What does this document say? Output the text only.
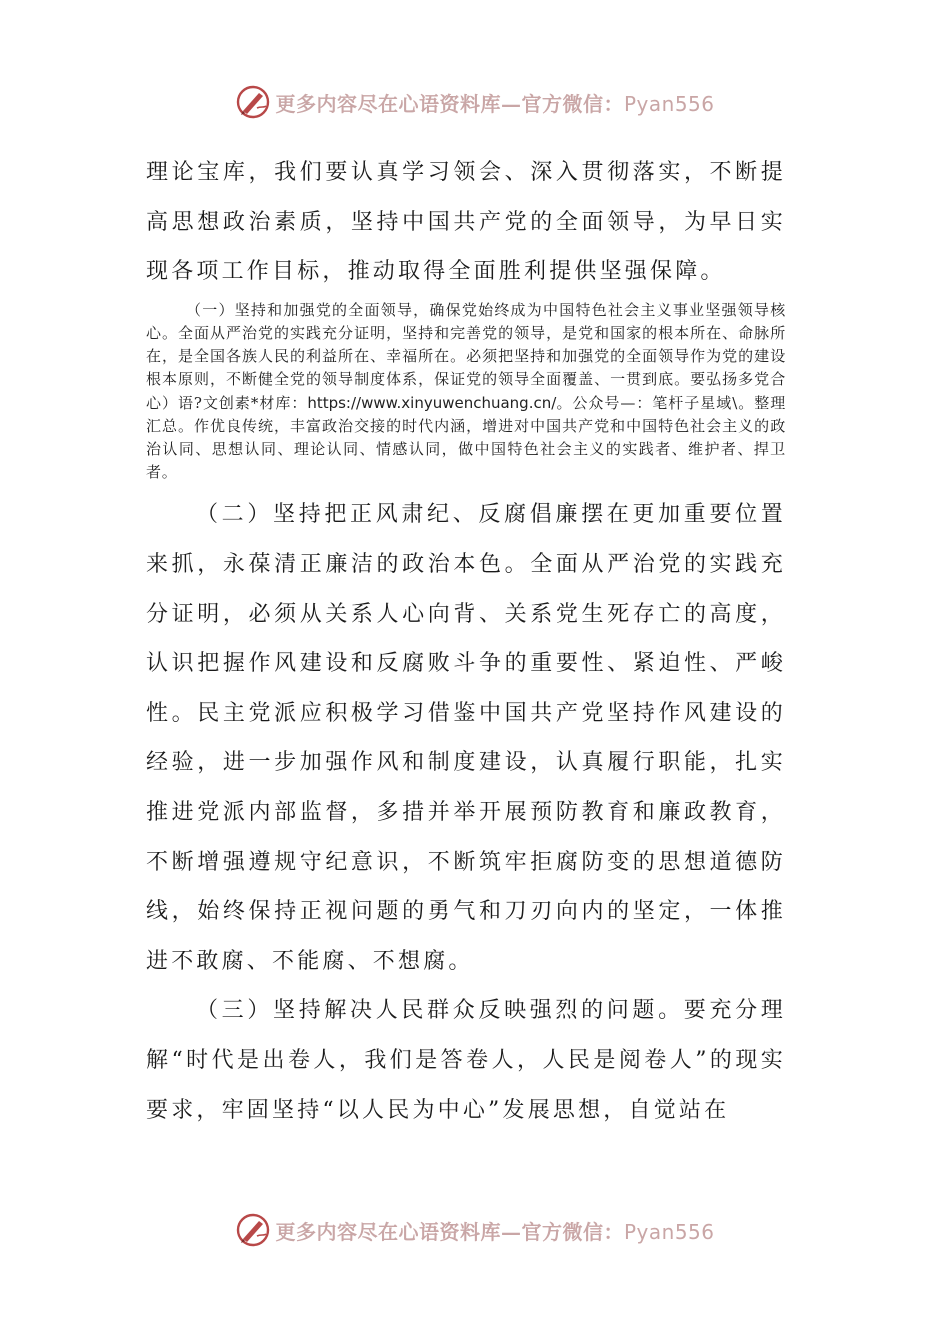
更多内容尽在心语资料库—官方微信：Pyan556

理论宝库，我们要认真学习领会、深入贯彻落实，不断提高思想政治素质，坚持中国共产党的全面领导，为早日实现各项工作目标，推动取得全面胜利提供坚强保障。

（一）坚持和加强党的全面领导，确保党始终成为中国特色社会主义事业坚强领导核心。全面从严治党的实践充分证明，坚持和完善党的领导，是党和国家的根本所在、命脉所在，是全国各族人民的利益所在、幸福所在。必须把坚持和加强党的全面领导作为党的建设根本原则，不断健全党的领导制度体系，保证党的领导全面覆盖、一贯到底。要弘扬多党合心）语?文创素*材库：https://www.xinyuwenchuang.cn/。公众号—：笔杆子星域\。整理汇总。作优良传统，丰富政治交接的时代内涵，增进对中国共产党和中国特色社会主义的政治认同、思想认同、理论认同、情感认同，做中国特色社会主义的实践者、维护者、捍卫者。

（二）坚持把正风肃纪、反腐倡廉摆在更加重要位置来抓，永葆清正廉洁的政治本色。全面从严治党的实践充分证明，必须从关系人心向背、关系党生死存亡的高度，认识把握作风建设和反腐败斗争的重要性、紧迫性、严峻性。民主党派应积极学习借鉴中国共产党坚持作风建设的经验，进一步加强作风和制度建设，认真履行职能，扎实推进党派内部监督，多措并举开展预防教育和廉政教育，不断增强遵规守纪意识，不断筑牢拒腐防变的思想道德防线，始终保持正视问题的勇气和刀刃向内的坚定，一体推进不敢腐、不能腐、不想腐。

（三）坚持解决人民群众反映强烈的问题。要充分理解“时代是出卷人，我们是答卷人，人民是阅卷人”的现实要求，牢固坚持“以人民为中心”发展思想，自觉站在

更多内容尽在心语资料库—官方微信：Pyan556
